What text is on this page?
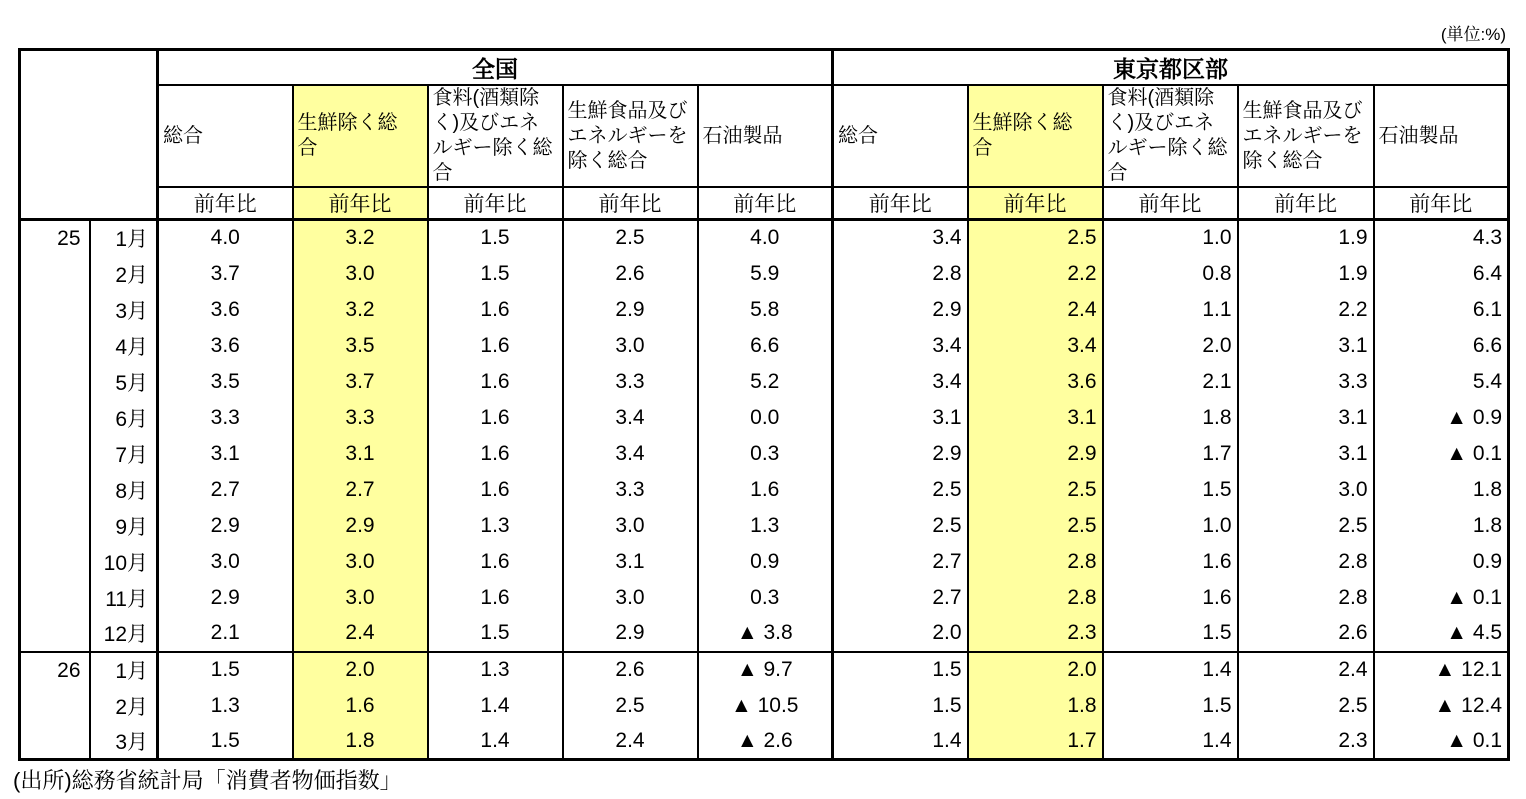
(単位:%)
		全国					東京都区部				
		総合	生鮮除く総合	食料(酒類除く)及びエネルギー除く総合	生鮮食品及びエネルギーを除く総合	石油製品	総合	生鮮除く総合	食料(酒類除く)及びエネルギー除く総合	生鮮食品及びエネルギーを除く総合	石油製品
		前年比	前年比	前年比	前年比	前年比	前年比	前年比	前年比	前年比	前年比
25	1月	4.0	3.2	1.5	2.5	4.0	3.4	2.5	1.0	1.9	4.3
	2月	3.7	3.0	1.5	2.6	5.9	2.8	2.2	0.8	1.9	6.4
	3月	3.6	3.2	1.6	2.9	5.8	2.9	2.4	1.1	2.2	6.1
	4月	3.6	3.5	1.6	3.0	6.6	3.4	3.4	2.0	3.1	6.6
	5月	3.5	3.7	1.6	3.3	5.2	3.4	3.6	2.1	3.3	5.4
	6月	3.3	3.3	1.6	3.4	0.0	3.1	3.1	1.8	3.1	▲ 0.9
	7月	3.1	3.1	1.6	3.4	0.3	2.9	2.9	1.7	3.1	▲ 0.1
	8月	2.7	2.7	1.6	3.3	1.6	2.5	2.5	1.5	3.0	1.8
	9月	2.9	2.9	1.3	3.0	1.3	2.5	2.5	1.0	2.5	1.8
	10月	3.0	3.0	1.6	3.1	0.9	2.7	2.8	1.6	2.8	0.9
	11月	2.9	3.0	1.6	3.0	0.3	2.7	2.8	1.6	2.8	▲ 0.1
	12月	2.1	2.4	1.5	2.9	▲ 3.8	2.0	2.3	1.5	2.6	▲ 4.5
26	1月	1.5	2.0	1.3	2.6	▲ 9.7	1.5	2.0	1.4	2.4	▲ 12.1
	2月	1.3	1.6	1.4	2.5	▲ 10.5	1.5	1.8	1.5	2.5	▲ 12.4
	3月	1.5	1.8	1.4	2.4	▲ 2.6	1.4	1.7	1.4	2.3	▲ 0.1
(出所)総務省統計局「消費者物価指数」
